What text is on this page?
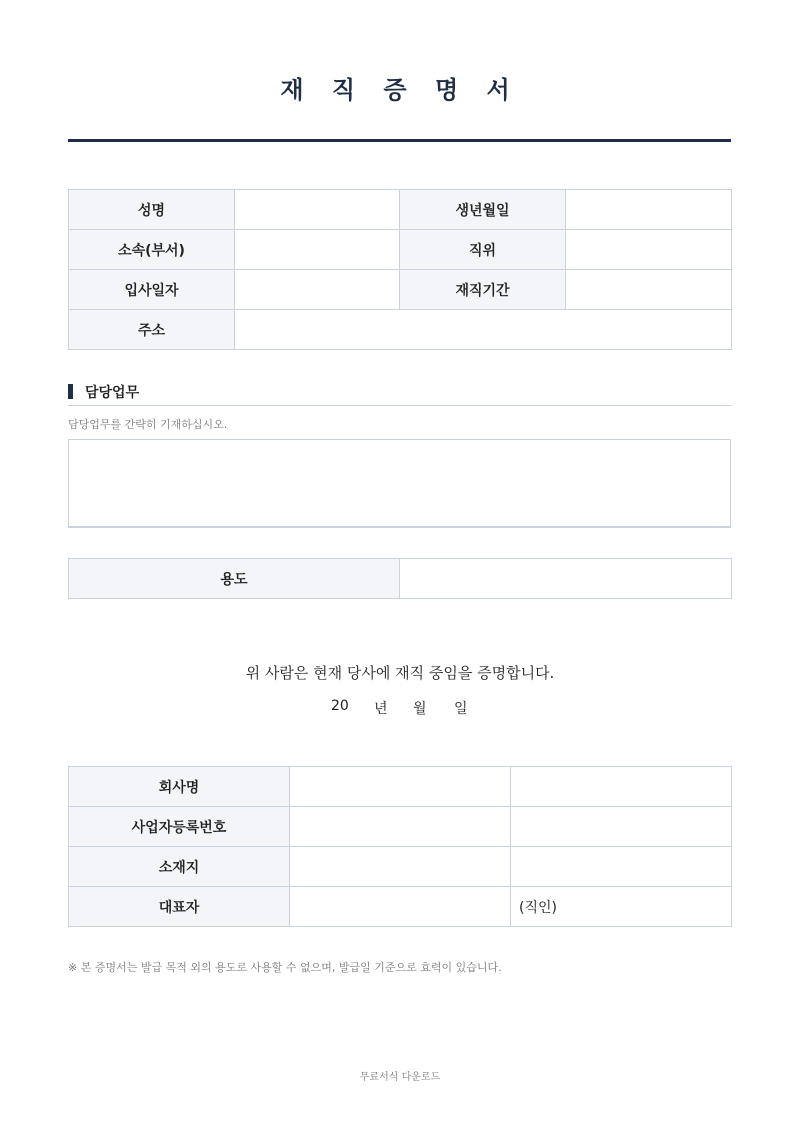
재 직 증 명 서
성명		생년월일	
소속(부서)		직위	
입사일자		재직기간	
주소			
담당업무
담당업무를 간략히 기재하십시오.
용도	
위 사람은 현재 당사에 재직 중임을 증명합니다.
20 년 월 일
회사명		
사업자등록번호		
소재지		
대표자		(직인)
※ 본 증명서는 발급 목적 외의 용도로 사용할 수 없으며, 발급일 기준으로 효력이 있습니다.
무료서식 다운로드
